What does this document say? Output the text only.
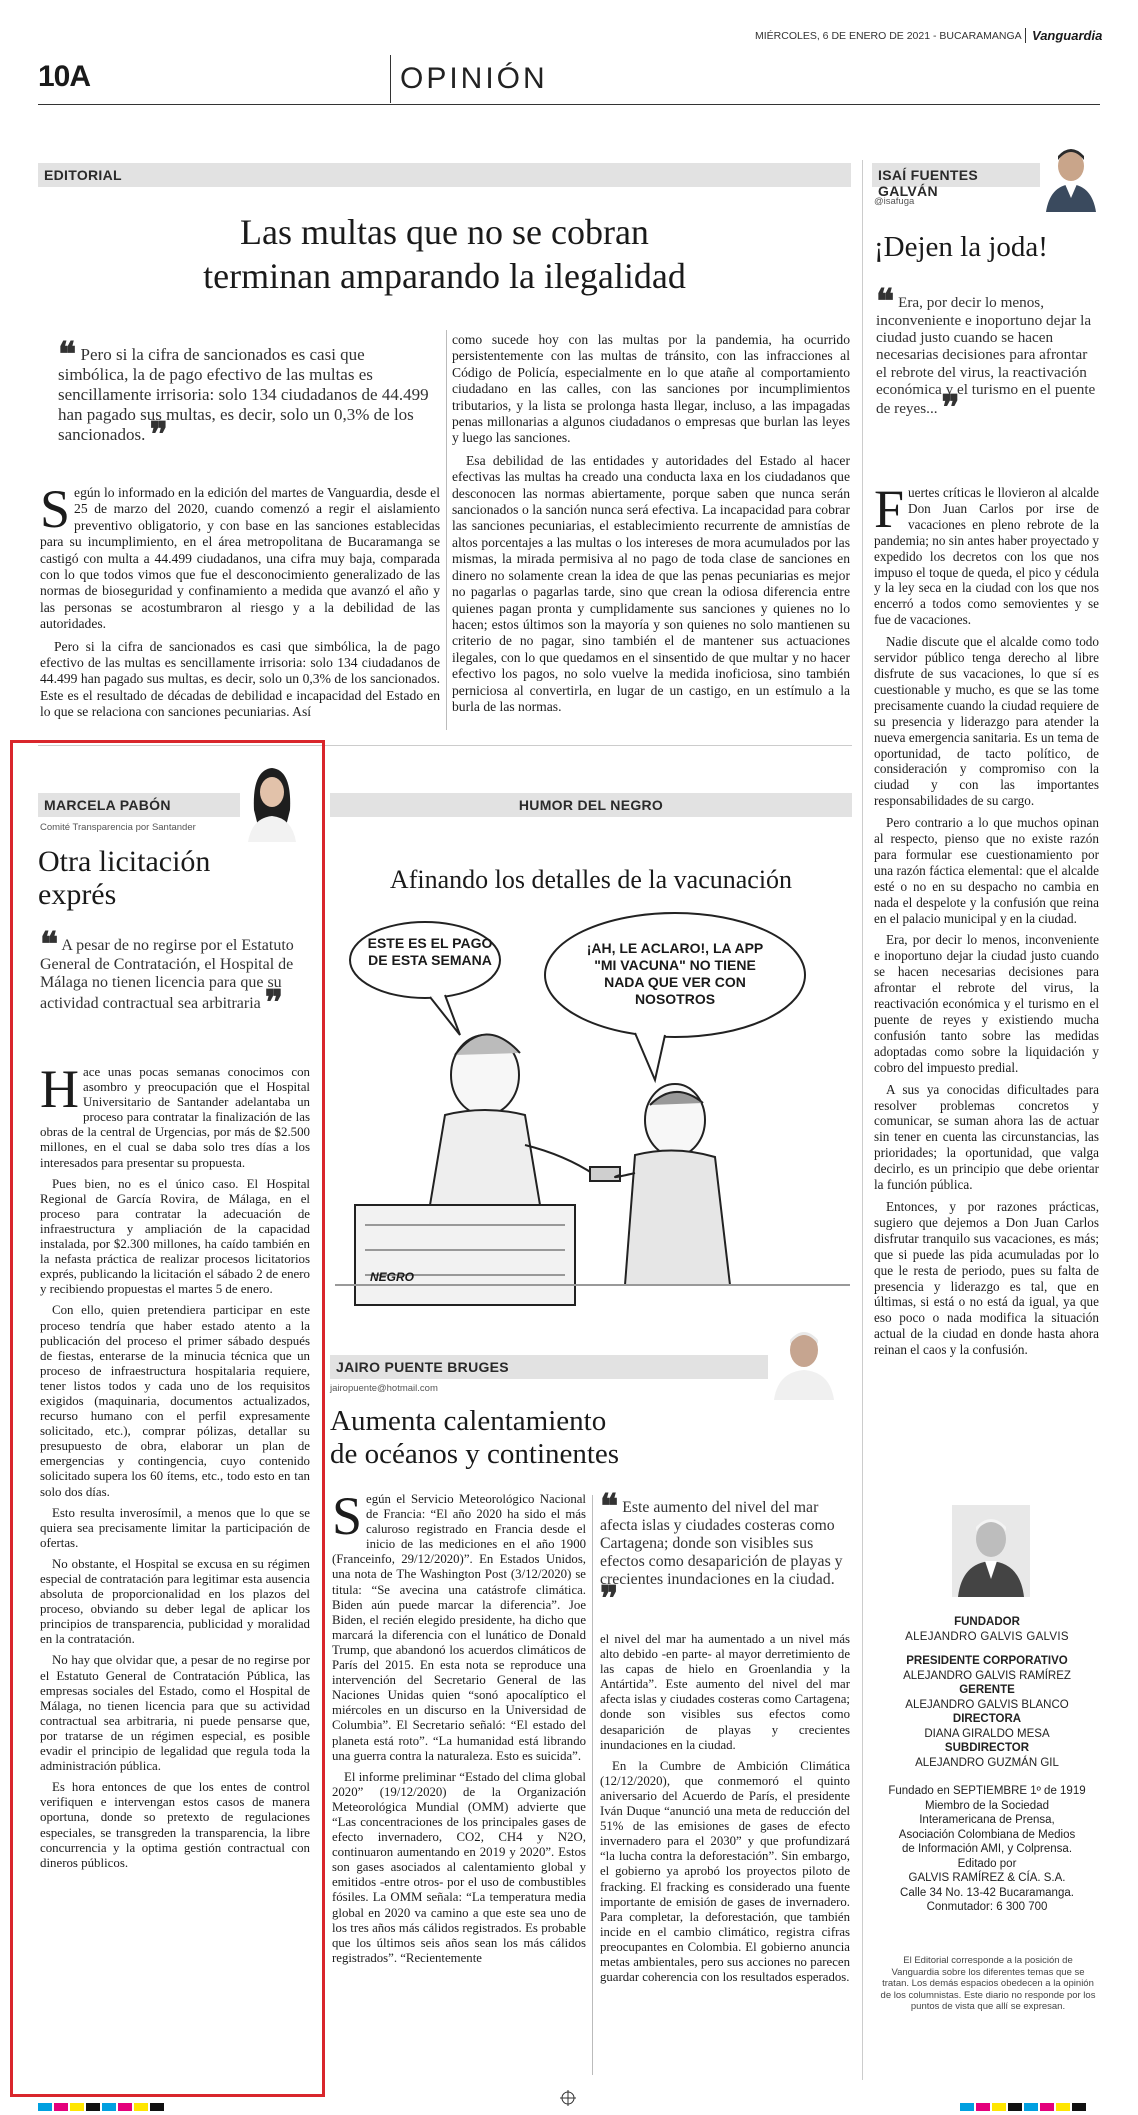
MIÉRCOLES, 6 DE ENERO DE 2021 - BUCARAMANGA Vanguardia
10A	OPINIÓN
EDITORIAL
Las multas que no se cobran
terminan amparando la ilegalidad
❝ Pero si la cifra de sancionados es casi que simbólica, la de pago efectivo de las multas es sencillamente irrisoria: solo 134 ciudadanos de 44.499 han pagado sus multas, es decir, solo un 0,3% de los sancionados. ❞

Según lo informado en la edición del martes de Vanguardia, desde el 25 de marzo del 2020, cuando comenzó a regir el aislamiento preventivo obligatorio, y con base en las sanciones establecidas para su incumplimiento, en el área metropolitana de Bucaramanga se castigó con multa a 44.499 ciudadanos, una cifra muy baja, comparada con lo que todos vimos que fue el desconocimiento generalizado de las normas de bioseguridad y confinamiento a medida que avanzó el año y las personas se acostumbraron al riesgo y a la debilidad de las autoridades.

Pero si la cifra de sancionados es casi que simbólica, la de pago efectivo de las multas es sencillamente irrisoria: solo 134 ciudadanos de 44.499 han pagado sus multas, es decir, solo un 0,3% de los sancionados. Este es el resultado de décadas de debilidad e incapacidad del Estado en lo que se relaciona con sanciones pecuniarias. Así

como sucede hoy con las multas por la pandemia, ha ocurrido persistentemente con las multas de tránsito, con las infracciones al Código de Policía, especialmente en lo que atañe al comportamiento ciudadano en las calles, con las sanciones por incumplimientos tributarios, y la lista se prolonga hasta llegar, incluso, a las impagadas penas millonarias a algunos ciudadanos o empresas que burlan las leyes y luego las sanciones.

Esa debilidad de las entidades y autoridades del Estado al hacer efectivas las multas ha creado una conducta laxa en los ciudadanos que desconocen las normas abiertamente, porque saben que nunca serán sancionados o la sanción nunca será efectiva. La incapacidad para cobrar las sanciones pecuniarias, el establecimiento recurrente de amnistías de altos porcentajes a las multas o los intereses de mora acumulados por las mismas, la mirada permisiva al no pago de toda clase de sanciones en dinero no solamente crean la idea de que las penas pecuniarias es mejor no pagarlas o pagarlas tarde, sino que crean la odiosa diferencia entre quienes pagan pronta y cumplidamente sus sanciones y quienes no lo hacen; estos últimos son la mayoría y son quienes no solo mantienen su criterio de no pagar, sino también el de mantener sus actuaciones ilegales, con lo que quedamos en el sinsentido de que multar y no hacer efectivo los pagos, no solo vuelve la medida inoficiosa, sino también perniciosa al convertirla, en lugar de un castigo, en un estímulo a la burla de las normas.

ISAÍ FUENTES GALVÁN
@isafuga
¡Dejen la joda!
❝ Era, por decir lo menos, inconveniente e inoportuno dejar la ciudad justo cuando se hacen necesarias decisiones para afrontar el rebrote del virus, la reactivación económica y el turismo en el puente de reyes... ❞

Fuertes críticas le llovieron al alcalde Don Juan Carlos por irse de vacaciones en pleno rebrote de la pandemia; no sin antes haber proyectado y expedido los decretos con los que nos impuso el toque de queda, el pico y cédula y la ley seca en la ciudad con los que nos encerró a todos como semovientes y se fue de vacaciones.

Nadie discute que el alcalde como todo servidor público tenga derecho al libre disfrute de sus vacaciones, lo que sí es cuestionable y mucho, es que se las tome precisamente cuando la ciudad requiere de su presencia y liderazgo para atender la nueva emergencia sanitaria. Es un tema de oportunidad, de tacto político, de consideración y compromiso con la ciudad y con las importantes responsabilidades de su cargo.

Pero contrario a lo que muchos opinan al respecto, pienso que no existe razón para formular ese cuestionamiento por una razón fáctica elemental: que el alcalde esté o no en su despacho no cambia en nada el despelote y la confusión que reina en el palacio municipal y en la ciudad.

Era, por decir lo menos, inconveniente e inoportuno dejar la ciudad justo cuando se hacen necesarias decisiones para afrontar el rebrote del virus, la reactivación económica y el turismo en el puente de reyes y existiendo mucha confusión tanto sobre las medidas adoptadas como sobre la liquidación y cobro del impuesto predial.

A sus ya conocidas dificultades para resolver problemas concretos y comunicar, se suman ahora las de actuar sin tener en cuenta las circunstancias, las prioridades; la oportunidad, que valga decirlo, es un principio que debe orientar la función pública.

Entonces, y por razones prácticas, sugiero que dejemos a Don Juan Carlos disfrutar tranquilo sus vacaciones, es más; que si puede las pida acumuladas por lo que le resta de periodo, pues su falta de presencia y liderazgo es tal, que en últimas, si está o no está da igual, ya que eso poco o nada modifica la situación actual de la ciudad en donde hasta ahora reinan el caos y la confusión.

FUNDADOR

ALEJANDRO GALVIS GALVIS

PRESIDENTE CORPORATIVO

ALEJANDRO GALVIS RAMÍREZ

GERENTE

ALEJANDRO GALVIS BLANCO

DIRECTORA

DIANA GIRALDO MESA

SUBDIRECTOR

ALEJANDRO GUZMÁN GIL

Fundado en SEPTIEMBRE 1º de 1919

Miembro de la Sociedad

Interamericana de Prensa,

Asociación Colombiana de Medios

de Información AMI, y Colprensa.

Editado por

GALVIS RAMÍREZ & CÍA. S.A.

Calle 34 No. 13-42 Bucaramanga.

Conmutador: 6 300 700

El Editorial corresponde a la posición de Vanguardia sobre los diferentes temas que se tratan. Los demás espacios obedecen a la opinión de los columnistas. Este diario no responde por los puntos de vista que allí se expresan.
MARCELA PABÓN
Comité Transparencia por Santander
Otra licitación
exprés
❝ A pesar de no regirse por el Estatuto General de Contratación, el Hospital de Málaga no tienen licencia para que su actividad contractual sea arbitraria ❞

Hace unas pocas semanas conocimos con asombro y preocupación que el Hospital Universitario de Santander adelantaba un proceso para contratar la finalización de las obras de la central de Urgencias, por más de $2.500 millones, en el cual se daba solo tres días a los interesados para presentar su propuesta.

Pues bien, no es el único caso. El Hospital Regional de García Rovira, de Málaga, en el proceso para contratar la adecuación de infraestructura y ampliación de la capacidad instalada, por $2.300 millones, ha caído también en la nefasta práctica de realizar procesos licitatorios exprés, publicando la licitación el sábado 2 de enero y recibiendo propuestas el martes 5 de enero.

Con ello, quien pretendiera participar en este proceso tendría que haber estado atento a la publicación del proceso el primer sábado después de fiestas, enterarse de la minucia técnica que un proceso de infraestructura hospitalaria requiere, tener listos todos y cada uno de los requisitos exigidos (maquinaria, documentos actualizados, recurso humano con el perfil expresamente solicitado, etc.), comprar pólizas, detallar su presupuesto de obra, elaborar un plan de emergencias y contingencia, cuyo contenido solicitado supera los 60 ítems, etc., todo esto en tan solo dos días.

Esto resulta inverosímil, a menos que lo que se quiera sea precisamente limitar la participación de ofertas.

No obstante, el Hospital se excusa en su régimen especial de contratación para legitimar esta ausencia absoluta de proporcionalidad en los plazos del proceso, obviando su deber legal de aplicar los principios de transparencia, publicidad y moralidad en la contratación.

No hay que olvidar que, a pesar de no regirse por el Estatuto General de Contratación Pública, las empresas sociales del Estado, como el Hospital de Málaga, no tienen licencia para que su actividad contractual sea arbitraria, ni puede pensarse que, por tratarse de un régimen especial, es posible evadir el principio de legalidad que regula toda la administración pública.

Es hora entonces de que los entes de control verifiquen e intervengan estos casos de manera oportuna, donde so pretexto de regulaciones especiales, se transgreden la transparencia, la libre concurrencia y la optima gestión contractual con dineros públicos.

HUMOR DEL NEGRO
Afinando los detalles de la vacunación
ESTE ES EL PAGO DE ESTA SEMANA
¡AH, LE ACLARO!, LA APP "MI VACUNA" NO TIENE NADA QUE VER CON NOSOTROS
NEGRO
JAIRO PUENTE BRUGES
jairopuente@hotmail.com
Aumenta calentamiento
de océanos y continentes

Según el Servicio Meteorológico Nacional de Francia: “El año 2020 ha sido el más caluroso registrado en Francia desde el inicio de las mediciones en el año 1900 (Franceinfo, 29/12/2020)”. En Estados Unidos, una nota de The Washington Post (3/12/2020) se titula: “Se avecina una catástrofe climática. Biden aún puede marcar la diferencia”. Joe Biden, el recién elegido presidente, ha dicho que marcará la diferencia con el lunático de Donald Trump, que abandonó los acuerdos climáticos de París del 2015. En esta nota se reproduce una intervención del Secretario General de las Naciones Unidas quien “sonó apocalíptico el miércoles en un discurso en la Universidad de Columbia”. El Secretario señaló: “El estado del planeta está roto”. “La humanidad está librando una guerra contra la naturaleza. Esto es suicida”.

El informe preliminar “Estado del clima global 2020” (19/12/2020) de la Organización Meteorológica Mundial (OMM) advierte que “Las concentraciones de los principales gases de efecto invernadero, CO2, CH4 y N2O, continuaron aumentando en 2019 y 2020”. Estos son gases asociados al calentamiento global y emitidos -entre otros- por el uso de combustibles fósiles. La OMM señala: “La temperatura media global en 2020 va camino a que este sea uno de los tres años más cálidos registrados. Es probable que los últimos seis años sean los más cálidos registrados”. “Recientemente

❝ Este aumento del nivel del mar afecta islas y ciudades costeras como Cartagena; donde son visibles sus efectos como desaparición de playas y crecientes inundaciones en la ciudad. ❞

el nivel del mar ha aumentado a un nivel más alto debido -en parte- al mayor derretimiento de las capas de hielo en Groenlandia y la Antártida”. Este aumento del nivel del mar afecta islas y ciudades costeras como Cartagena; donde son visibles sus efectos como desaparición de playas y crecientes inundaciones en la ciudad.

En la Cumbre de Ambición Climática (12/12/2020), que conmemoró el quinto aniversario del Acuerdo de París, el presidente Iván Duque “anunció una meta de reducción del 51% de las emisiones de gases de efecto invernadero para el 2030” y que profundizará “la lucha contra la deforestación”. Sin embargo, el gobierno ya aprobó los proyectos piloto de fracking. El fracking es considerado una fuente importante de emisión de gases de invernadero. Para completar, la deforestación, que también incide en el cambio climático, registra cifras preocupantes en Colombia. El gobierno anuncia metas ambientales, pero sus acciones no parecen guardar coherencia con los resultados esperados.
